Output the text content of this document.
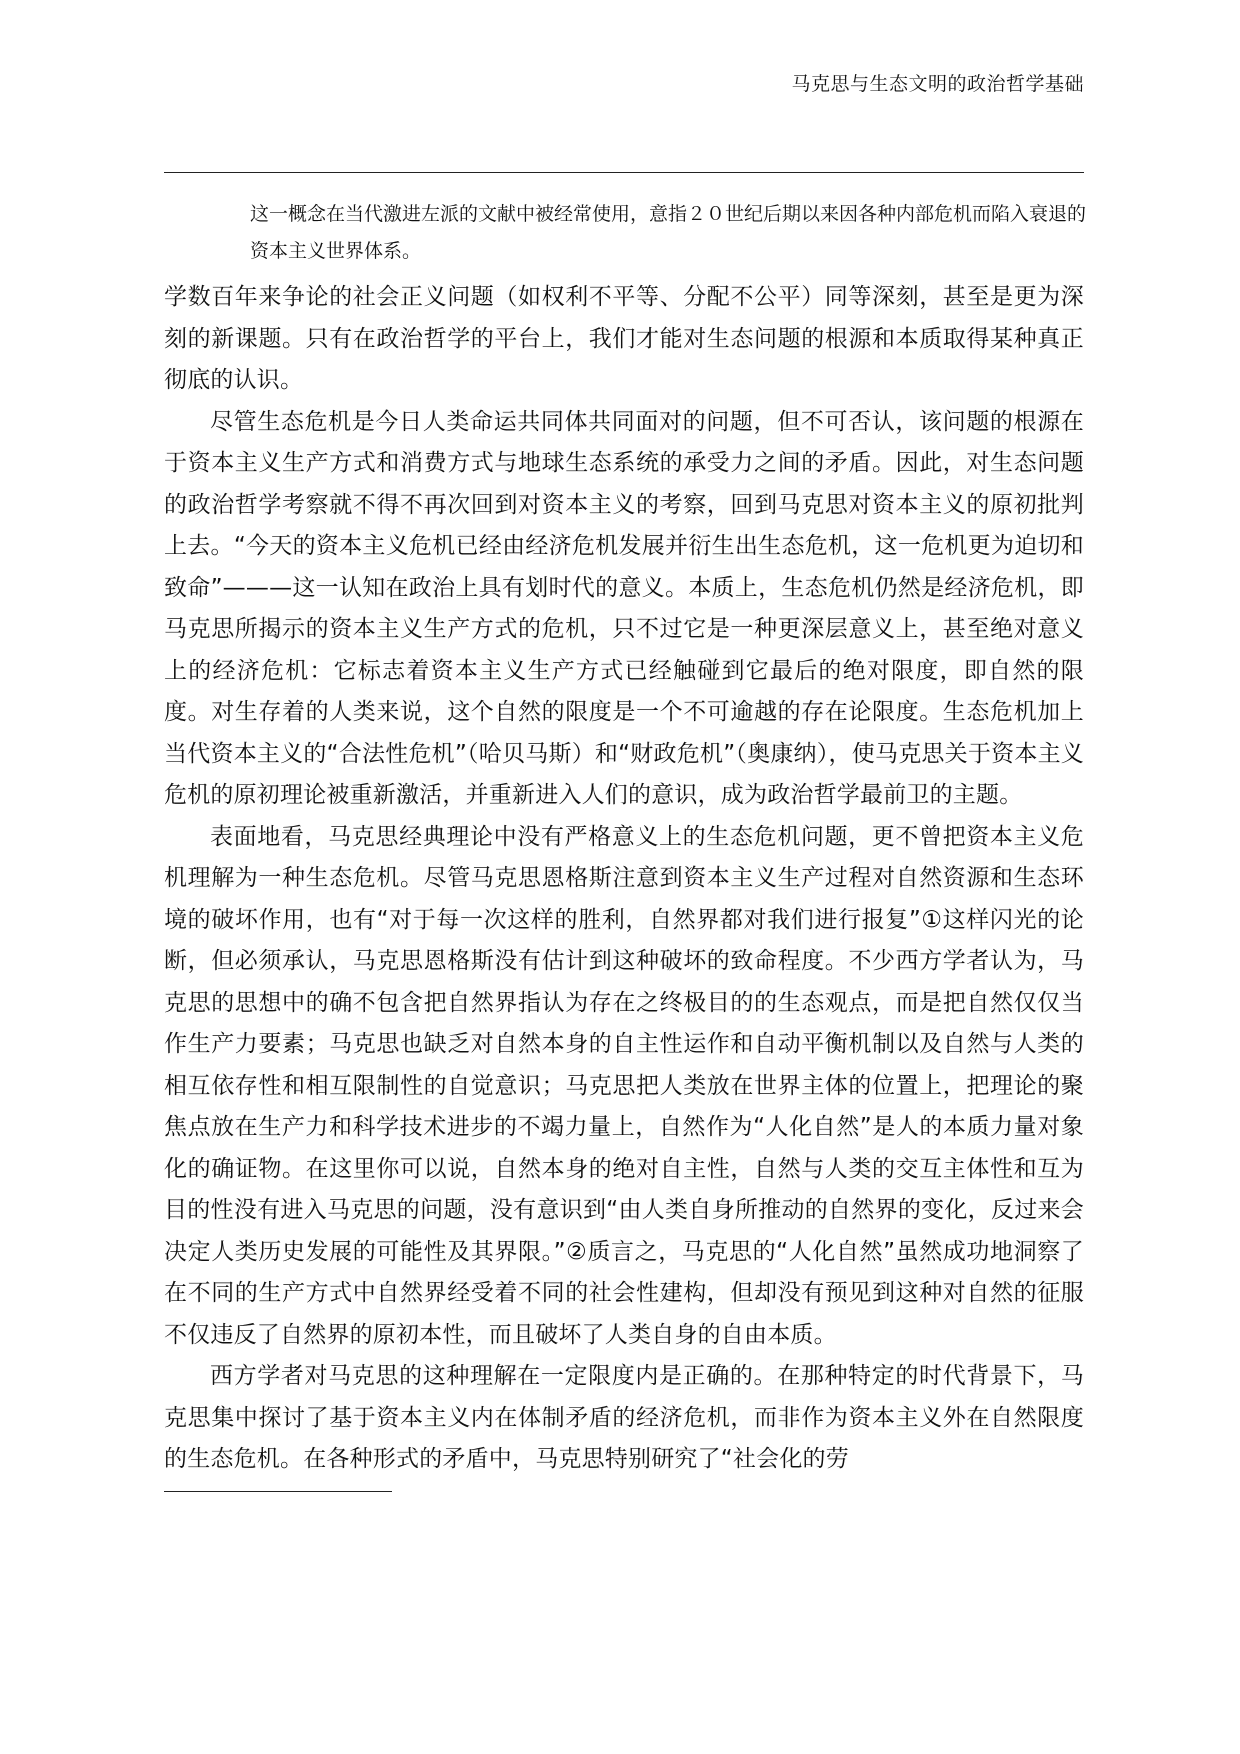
马克思与生态文明的政治哲学基础
这一概念在当代激进左派的文献中被经常使用，意指２０世纪后期以来因各种内部危机而陷入衰退的资本主义世界体系。

学数百年来争论的社会正义问题（如权利不平等、分配不公平）同等深刻，甚至是更为深刻的新课题。只有在政治哲学的平台上，我们才能对生态问题的根源和本质取得某种真正彻底的认识。

尽管生态危机是今日人类命运共同体共同面对的问题，但不可否认，该问题的根源在于资本主义生产方式和消费方式与地球生态系统的承受力之间的矛盾。因此，对生态问题的政治哲学考察就不得不再次回到对资本主义的考察，回到马克思对资本主义的原初批判上去。“今天的资本主义危机已经由经济危机发展并衍生出生态危机，这一危机更为迫切和致命”———这一认知在政治上具有划时代的意义。本质上，生态危机仍然是经济危机，即马克思所揭示的资本主义生产方式的危机，只不过它是一种更深层意义上，甚至绝对意义上的经济危机：它标志着资本主义生产方式已经触碰到它最后的绝对限度，即自然的限度。对生存着的人类来说，这个自然的限度是一个不可逾越的存在论限度。生态危机加上当代资本主义的“合法性危机”（哈贝马斯）和“财政危机”（奥康纳），使马克思关于资本主义危机的原初理论被重新激活，并重新进入人们的意识，成为政治哲学最前卫的主题。

表面地看，马克思经典理论中没有严格意义上的生态危机问题，更不曾把资本主义危机理解为一种生态危机。尽管马克思恩格斯注意到资本主义生产过程对自然资源和生态环境的破坏作用，也有“对于每一次这样的胜利，自然界都对我们进行报复”①这样闪光的论断，但必须承认，马克思恩格斯没有估计到这种破坏的致命程度。不少西方学者认为，马克思的思想中的确不包含把自然界指认为存在之终极目的的生态观点，而是把自然仅仅当作生产力要素；马克思也缺乏对自然本身的自主性运作和自动平衡机制以及自然与人类的相互依存性和相互限制性的自觉意识；马克思把人类放在世界主体的位置上，把理论的聚焦点放在生产力和科学技术进步的不竭力量上，自然作为“人化自然”是人的本质力量对象化的确证物。在这里你可以说，自然本身的绝对自主性，自然与人类的交互主体性和互为目的性没有进入马克思的问题，没有意识到“由人类自身所推动的自然界的变化，反过来会决定人类历史发展的可能性及其界限。”②质言之，马克思的“人化自然”虽然成功地洞察了在不同的生产方式中自然界经受着不同的社会性建构，但却没有预见到这种对自然的征服不仅违反了自然界的原初本性，而且破坏了人类自身的自由本质。

西方学者对马克思的这种理解在一定限度内是正确的。在那种特定的时代背景下，马克思集中探讨了基于资本主义内在体制矛盾的经济危机，而非作为资本主义外在自然限度的生态危机。在各种形式的矛盾中，马克思特别研究了“社会化的劳
